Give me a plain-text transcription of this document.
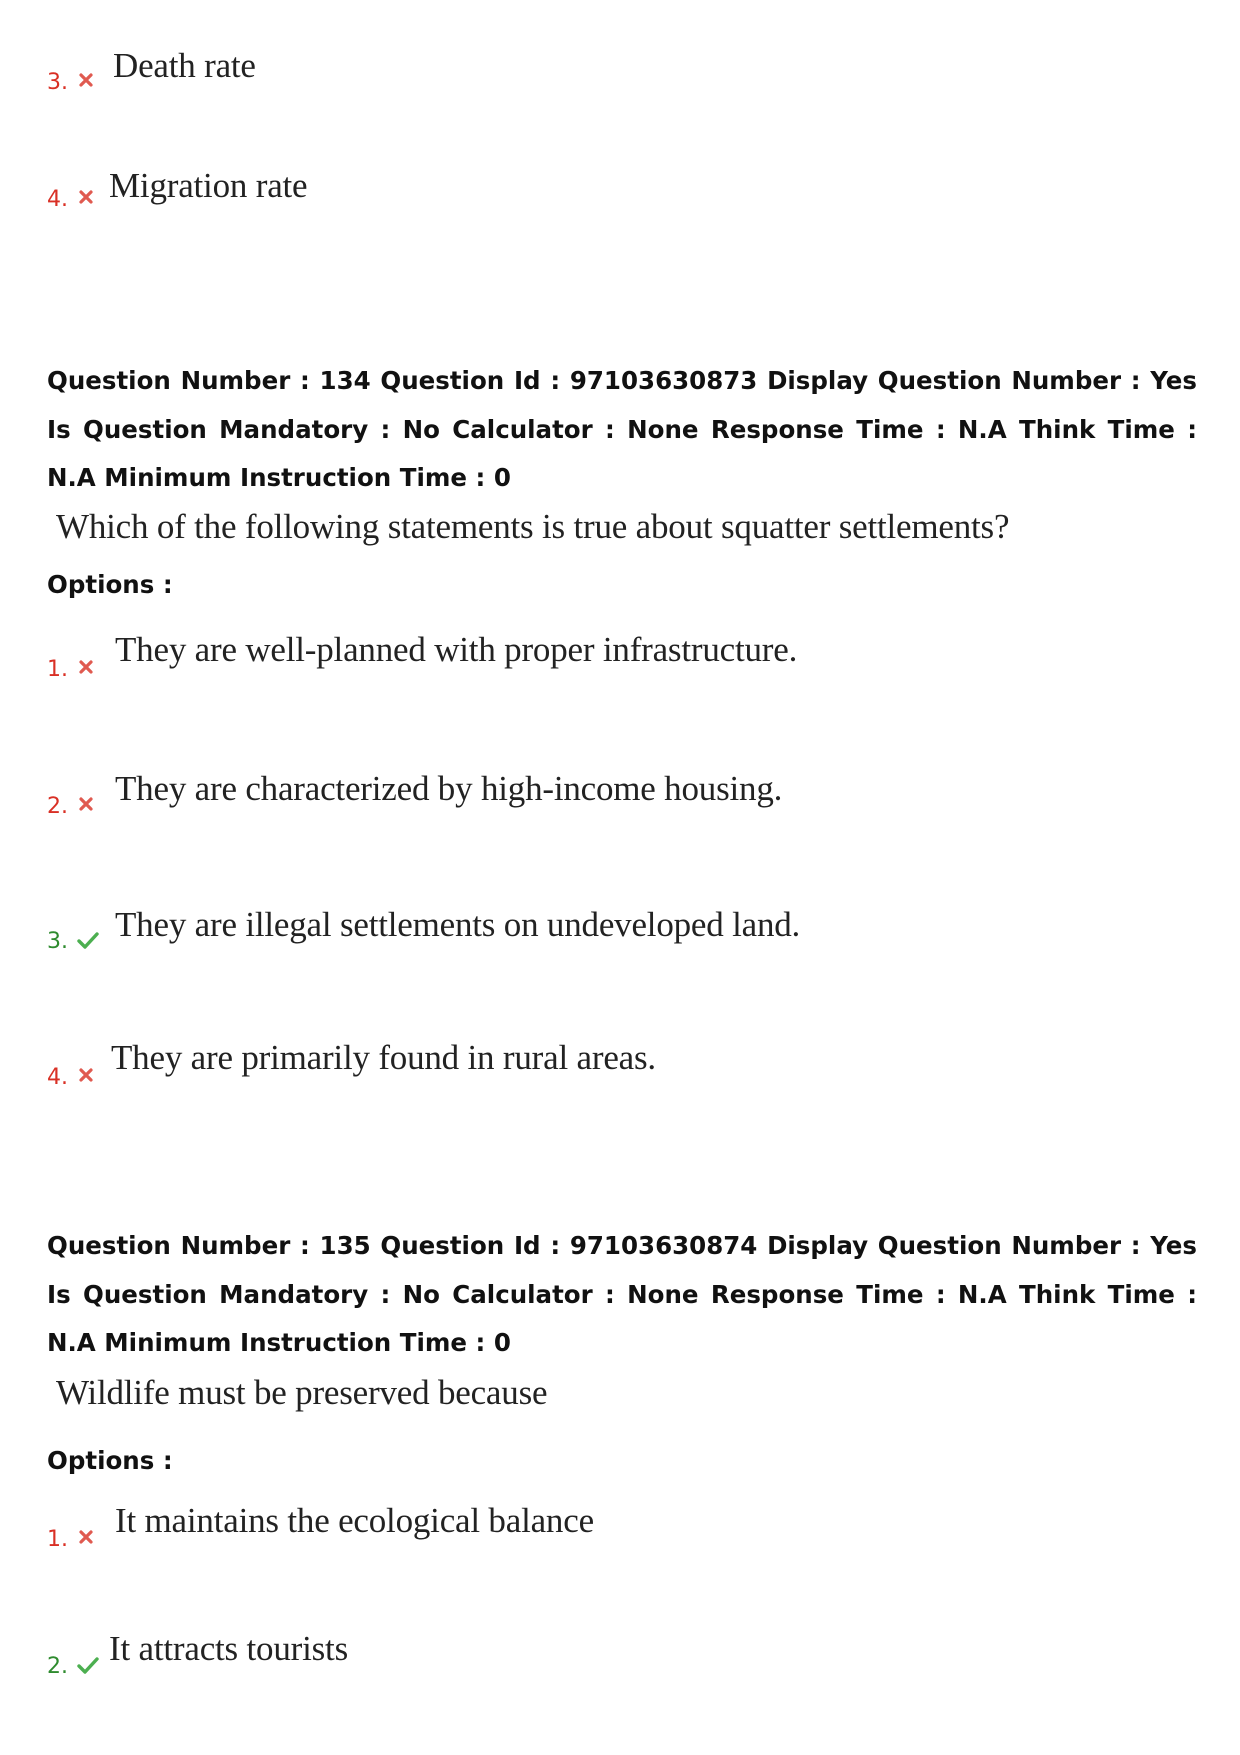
3. Death rate
4. Migration rate
Question Number : 134 Question Id : 97103630873 Display Question Number : Yes Is Question Mandatory : No Calculator : None Response Time : N.A Think Time : N.A Minimum Instruction Time : 0
Which of the following statements is true about squatter settlements?
Options :
1.
They are well-planned with proper infrastructure.
2. They are characterized by high-income housing.
3. They are illegal settlements on undeveloped land.
4.
They are primarily found in rural areas.
Question Number : 135 Question Id : 97103630874 Display Question Number : Yes Is Question Mandatory : No Calculator : None Response Time : N.A Think Time : N.A Minimum Instruction Time : 0
Wildlife must be preserved because
Options :
1. It maintains the ecological balance
2. It attracts tourists
